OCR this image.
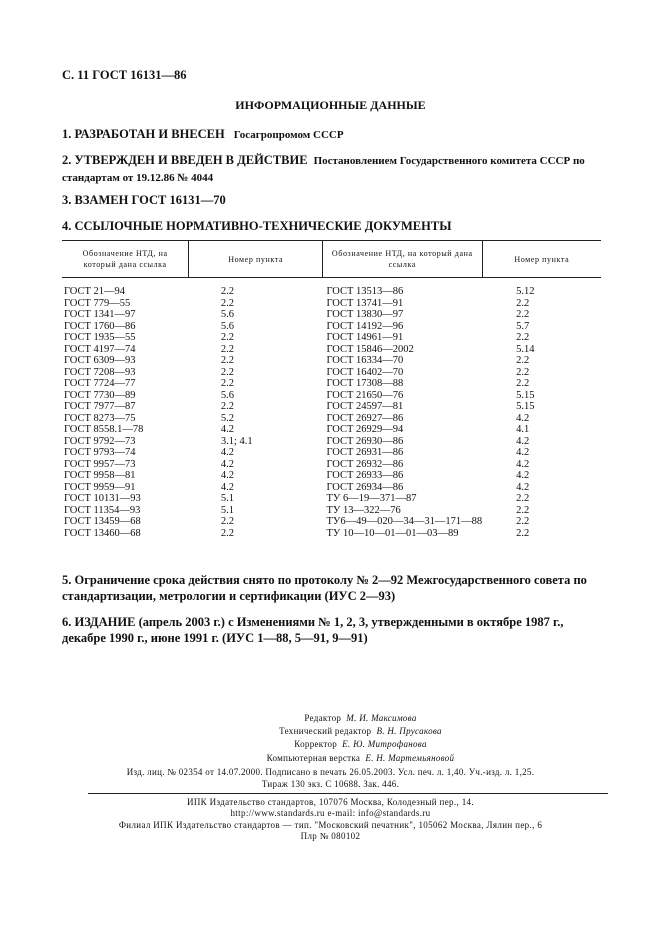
С. 11 ГОСТ 16131—86
ИНФОРМАЦИОННЫЕ ДАННЫЕ
1. РАЗРАБОТАН И ВНЕСЕН Госагропромом СССР
2. УТВЕРЖДЕН И ВВЕДЕН В ДЕЙСТВИЕ Постановлением Государственного комитета СССР по стандартам от 19.12.86 № 4044
3. ВЗАМЕН ГОСТ 16131—70
4. ССЫЛОЧНЫЕ НОРМАТИВНО-ТЕХНИЧЕСКИЕ ДОКУМЕНТЫ
Обозначение НТД, на который дана ссылка	Номер пункта	Обозначение НТД, на который дана ссылка	Номер пункта

ГОСТ 21—94	2.2	ГОСТ 13513—86	5.12
ГОСТ 779—55	2.2	ГОСТ 13741—91	2.2
ГОСТ 1341—97	5.6	ГОСТ 13830—97	2.2
ГОСТ 1760—86	5.6	ГОСТ 14192—96	5.7
ГОСТ 1935—55	2.2	ГОСТ 14961—91	2.2
ГОСТ 4197—74	2.2	ГОСТ 15846—2002	5.14
ГОСТ 6309—93	2.2	ГОСТ 16334—70	2.2
ГОСТ 7208—93	2.2	ГОСТ 16402—70	2.2
ГОСТ 7724—77	2.2	ГОСТ 17308—88	2.2
ГОСТ 7730—89	5.6	ГОСТ 21650—76	5.15
ГОСТ 7977—87	2.2	ГОСТ 24597—81	5.15
ГОСТ 8273—75	5.2	ГОСТ 26927—86	4.2
ГОСТ 8558.1—78	4.2	ГОСТ 26929—94	4.1
ГОСТ 9792—73	3.1; 4.1	ГОСТ 26930—86	4.2
ГОСТ 9793—74	4.2	ГОСТ 26931—86	4.2
ГОСТ 9957—73	4.2	ГОСТ 26932—86	4.2
ГОСТ 9958—81	4.2	ГОСТ 26933—86	4.2
ГОСТ 9959—91	4.2	ГОСТ 26934—86	4.2
ГОСТ 10131—93	5.1	ТУ 6—19—371—87	2.2
ГОСТ 11354—93	5.1	ТУ 13—322—76	2.2
ГОСТ 13459—68	2.2	ТУ6—49—020—34—31—171—88	2.2
ГОСТ 13460—68	2.2	ТУ 10—10—01—01—03—89	2.2
5. Ограничение срока действия снято по протоколу № 2—92 Межгосударственного совета по стандартизации, метрологии и сертификации (ИУС 2—93)
6. ИЗДАНИЕ (апрель 2003 г.) с Изменениями № 1, 2, 3, утвержденными в октябре 1987 г., декабре 1990 г., июне 1991 г. (ИУС 1—88, 5—91, 9—91)
Редактор М. И. Максимова
Технический редактор В. Н. Прусакова
Корректор Е. Ю. Митрофанова
Компьютерная верстка Е. Н. Мартемьяновой
Изд. лиц. № 02354 от 14.07.2000. Подписано в печать 26.05.2003. Усл. печ. л. 1,40. Уч.-изд. л. 1,25.
Тираж 130 экз. С 10688. Зак. 446.
ИПК Издательство стандартов, 107076 Москва, Колодезный пер., 14.
http://www.standards.ru e-mail: info@standards.ru
Филиал ИПК Издательство стандартов — тип. "Московский печатник", 105062 Москва, Лялин пер., 6
Плр № 080102
